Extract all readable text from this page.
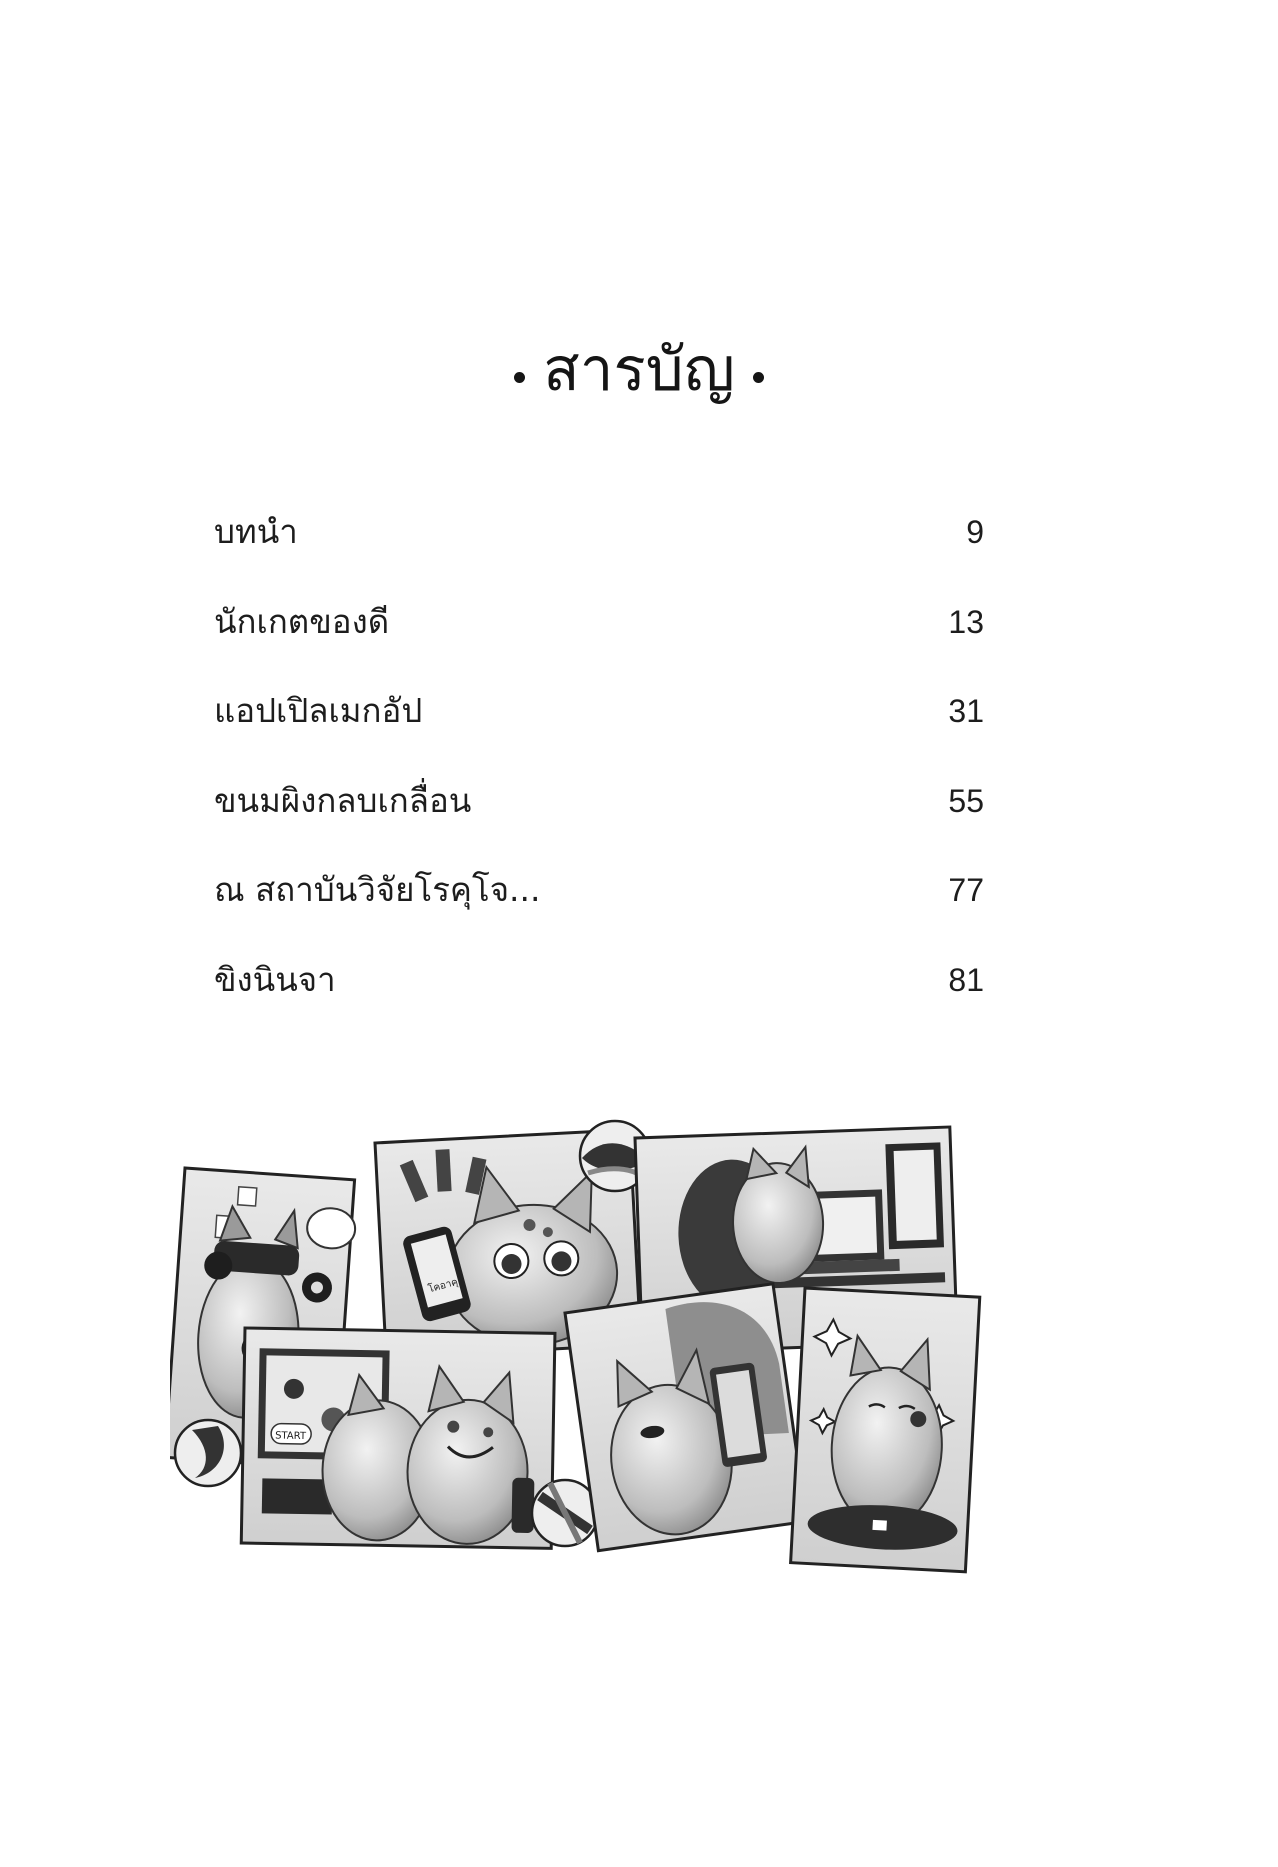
สารบัญ
บทนำ	9
นักเกตของดี	13
แอปเปิลเมกอัป	31
ขนมผิงกลบเกลื่อน	55
ณ สถาบันวิจัยโรคุโจ...	77
ขิงนินจา	81
โคอาคุ
START
